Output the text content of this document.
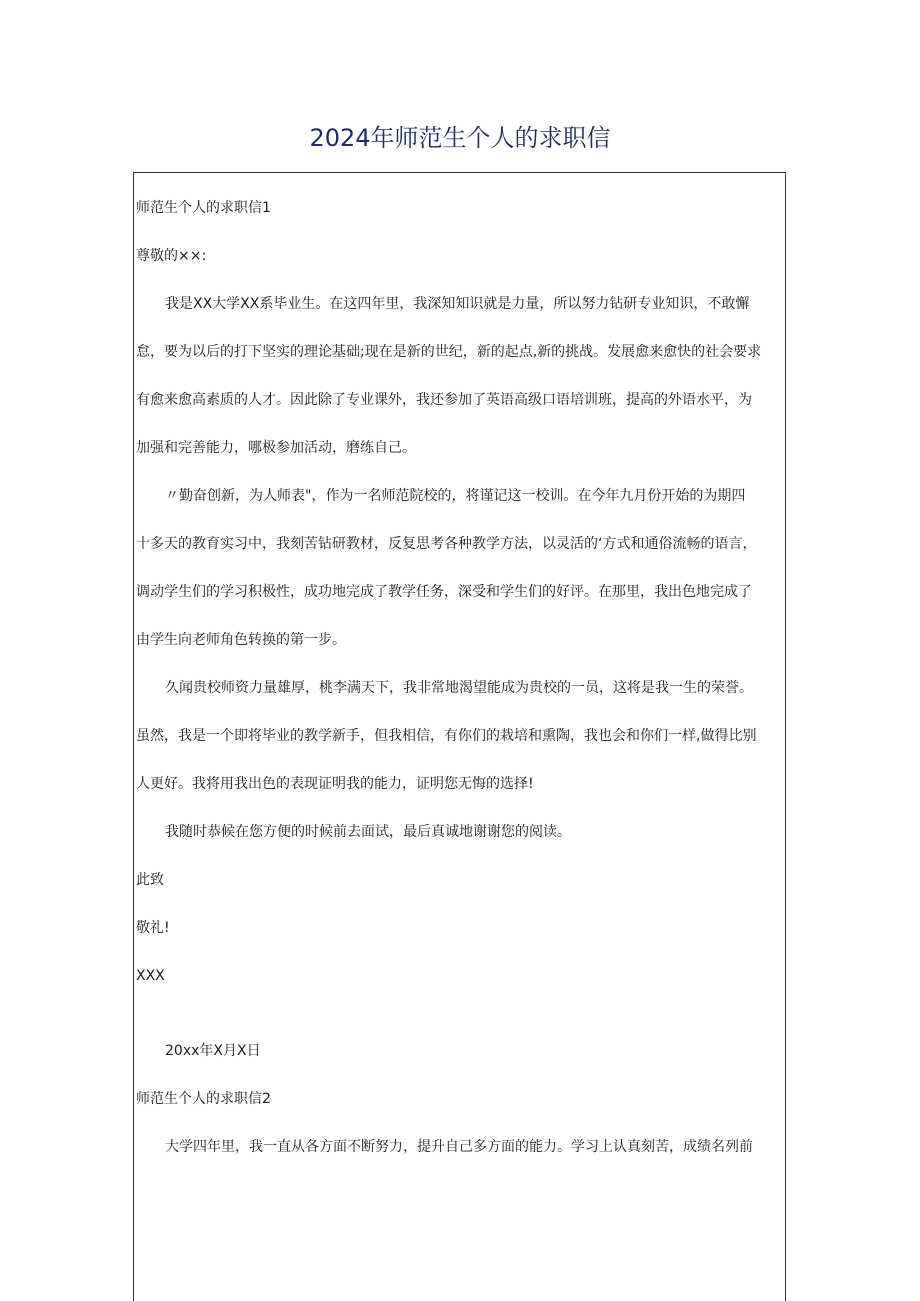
2024年师范生个人的求职信
师范生个人的求职信1
尊敬的××:
我是XX大学XX系毕业生。在这四年里，我深知知识就是力量，所以努力钻研专业知识，不敢懈
怠，要为以后的打下坚实的理论基础;现在是新的世纪，新的起点,新的挑战。发展愈来愈快的社会要求
有愈来愈高素质的人才。因此除了专业课外，我还参加了英语高级口语培训班，提高的外语水平，为
加强和完善能力，哪极参加活动，磨练自己。
〃勤奋创新，为人师表"，作为一名师范院校的，将谨记这一校训。在今年九月份开始的为期四
十多天的教育实习中，我刻苦钻研教材，反复思考各种教学方法，以灵活的‘方式和通俗流畅的语言，
调动学生们的学习积极性，成功地完成了教学任务，深受和学生们的好评。在那里，我出色地完成了
由学生向老师角色转换的第一步。
久闻贵校师资力量雄厚，桃李满天下，我非常地渴望能成为贵校的一员，这将是我一生的荣誉。
虽然，我是一个即将毕业的教学新手，但我相信，有你们的栽培和熏陶，我也会和你们一样,做得比别
人更好。我将用我出色的表现证明我的能力，证明您无悔的选择!
我随时恭候在您方便的时候前去面试，最后真诚地谢谢您的阅读。
此致
敬礼!
XXX
20xx年X月X日
师范生个人的求职信2
大学四年里，我一直从各方面不断努力，提升自己多方面的能力。学习上认真刻苦，成绩名列前
